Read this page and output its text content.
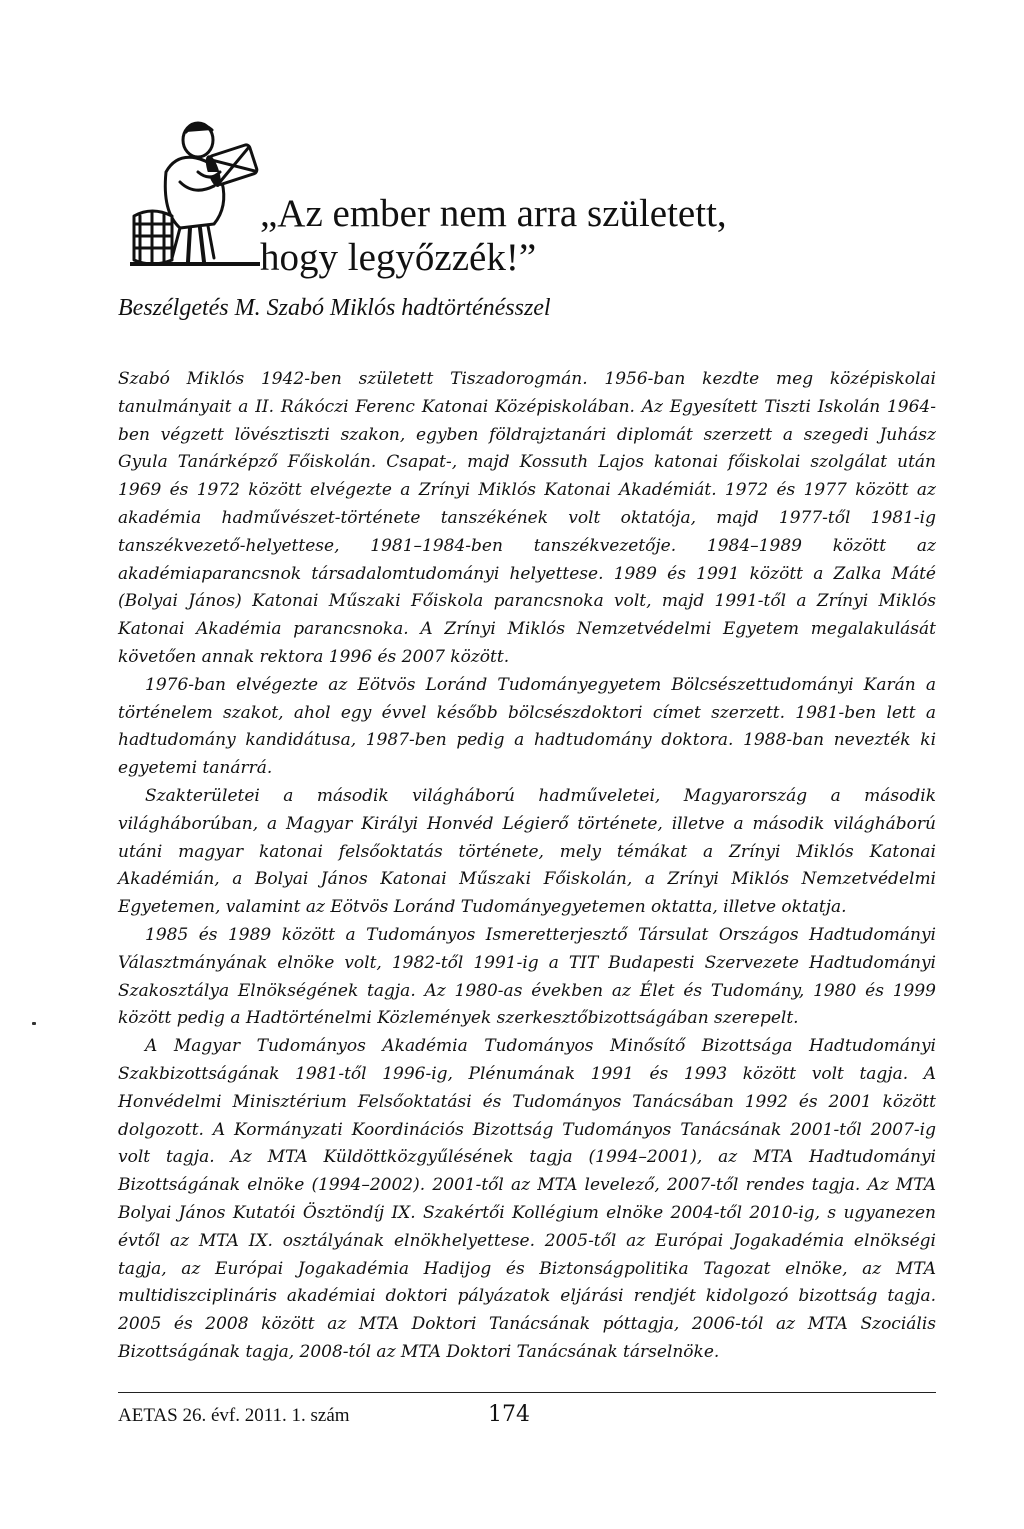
„Az ember nem arra született,
hogy legyőzzék!”
Beszélgetés M. Szabó Miklós hadtörténésszel

Szabó Miklós 1942-ben született Tiszadorogmán. 1956-ban kezdte meg középiskolai tanulmányait a II. Rákóczi Ferenc Katonai Középiskolában. Az Egyesített Tiszti Iskolán 1964-ben végzett lövésztiszti szakon, egyben földrajztanári diplomát szerzett a szegedi Juhász Gyula Tanárképző Főiskolán. Csapat-, majd Kossuth Lajos katonai főiskolai szolgálat után 1969 és 1972 között elvégezte a Zrínyi Miklós Katonai Akadémiát. 1972 és 1977 között az akadémia hadművészet-története tanszékének volt oktatója, majd 1977-től 1981-ig tanszékvezető-helyettese, 1981–1984-ben tanszékvezetője. 1984–1989 között az akadémiaparancsnok társadalomtudományi helyettese. 1989 és 1991 között a Zalka Máté (Bolyai János) Katonai Műszaki Főiskola parancsnoka volt, majd 1991-től a Zrínyi Miklós Katonai Akadémia parancsnoka. A Zrínyi Miklós Nemzetvédelmi Egyetem megalakulását követően annak rektora 1996 és 2007 között.

1976-ban elvégezte az Eötvös Loránd Tudományegyetem Bölcsészettudományi Karán a történelem szakot, ahol egy évvel később bölcsészdoktori címet szerzett. 1981-ben lett a hadtudomány kandidátusa, 1987-ben pedig a hadtudomány doktora. 1988-ban nevezték ki egyetemi tanárrá.

Szakterületei a második világháború hadműveletei, Magyarország a második világháborúban, a Magyar Királyi Honvéd Légierő története, illetve a második világháború utáni magyar katonai felsőoktatás története, mely témákat a Zrínyi Miklós Katonai Akadémián, a Bolyai János Katonai Műszaki Főiskolán, a Zrínyi Miklós Nemzetvédelmi Egyetemen, valamint az Eötvös Loránd Tudományegyetemen oktatta, illetve oktatja.

1985 és 1989 között a Tudományos Ismeretterjesztő Társulat Országos Hadtudományi Választmányának elnöke volt, 1982-től 1991-ig a TIT Budapesti Szervezete Hadtudományi Szakosztálya Elnökségének tagja. Az 1980-as években az Élet és Tudomány, 1980 és 1999 között pedig a Hadtörténelmi Közlemények szerkesztőbizottságában szerepelt.

A Magyar Tudományos Akadémia Tudományos Minősítő Bizottsága Hadtudományi Szakbizottságának 1981-től 1996-ig, Plénumának 1991 és 1993 között volt tagja. A Honvédelmi Minisztérium Felsőoktatási és Tudományos Tanácsában 1992 és 2001 között dolgozott. A Kormányzati Koordinációs Bizottság Tudományos Tanácsának 2001-től 2007-ig volt tagja. Az MTA Küldöttközgyűlésének tagja (1994–2001), az MTA Hadtudományi Bizottságának elnöke (1994–2002). 2001-től az MTA levelező, 2007-től rendes tagja. Az MTA Bolyai János Kutatói Ösztöndíj IX. Szakértői Kollégium elnöke 2004-től 2010-ig, s ugyanezen évtől az MTA IX. osztályának elnökhelyettese. 2005-től az Európai Jogakadémia elnökségi tagja, az Európai Jogakadémia Hadijog és Biztonságpolitika Tagozat elnöke, az MTA multidiszciplináris akadémiai doktori pályázatok eljárási rendjét kidolgozó bizottság tagja. 2005 és 2008 között az MTA Doktori Tanácsának póttagja, 2006-tól az MTA Szociális Bizottságának tagja, 2008-tól az MTA Doktori Tanácsának társelnöke.

AETAS 26. évf. 2011. 1. szám	174
